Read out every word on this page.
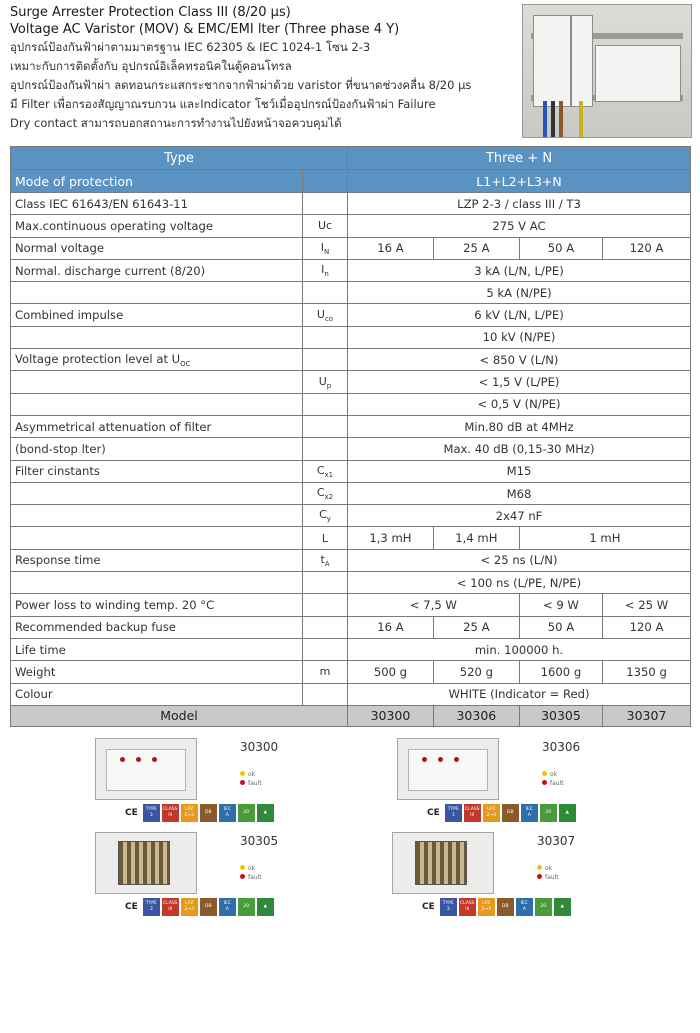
Surge Arrester Protection Class III (8/20 µs)
Voltage AC Varistor (MOV) & EMC/EMI lter (Three phase 4 Y)
อุปกรณ์ป้องกันฟ้าผ่าตามมาตรฐาน IEC 62305 & IEC 1024-1 โซน 2-3
เหมาะกับการติดตั้งกับ อุปกรณ์อิเล็คทรอนิคในตู้คอนโทรล
อุปกรณ์ป้องกันฟ้าผ่า ลดทอนกระแสกระชากจากฟ้าผ่าด้วย varistor ที่ขนาดช่วงคลื่น 8/20 µs
มี Filter เพื่อกรองสัญญาณรบกวน และIndicator โชว์เมื่ออุปกรณ์ป้องกันฟ้าผ่า Failure
Dry contact สามารถบอกสถานะการทำงานไปยังหน้าจอควบคุมได้
Type		Three + N			
Mode of protection		L1+L2+L3+N			
Class IEC 61643/EN 61643-11		LZP 2-3 / class III / T3			
Max.continuous operating voltage	Uc	275 V AC			
Normal voltage	$I_N$	16 A	25 A	50 A	120 A
Normal. discharge current (8/20)	$I_n$	3 kA (L/N, L/PE)			
		5 kA (N/PE)			
Combined impulse	$U_{co}$	6 kV (L/N, L/PE)			
		10 kV (N/PE)			
Voltage protection level at $U_{OC}$		< 850 V (L/N)			
	$U_p$	< 1,5 V (L/PE)			
		< 0,5 V (N/PE)			
Asymmetrical attenuation of filter		Min.80 dB at 4MHz			
(bond-stop lter)		Max. 40 dB (0,15-30 MHz)			
Filter cinstants	$C_{x1}$	M15			
	$C_{x2}$	M68			
	$C_y$	2x47 nF			
	L	1,3 mH	1,4 mH	1 mH	
Response time	$t_A$	< 25 ns (L/N)			
		< 100 ns (L/PE, N/PE)			
Power loss to winding temp. 20 °C		< 7,5 W		< 9 W	< 25 W
Recommended backup fuse		16 A	25 A	50 A	120 A
Life time		min. 100000 h.			
Weight	m	500 g	520 g	1600 g	1350 g
Colour		WHITE (Indicator = Red)			
Model		30300	30306	30305	30307
30300
ok
fault
CE	TYPE
3
CLASS
III
LPZ
2→3
DB
IEC
A
20	▲
30306
ok
fault
CE	TYPE
3
CLASS
III
LPZ
2→3
DB
IEC
A
20	▲
30305
ok
fault
CE	TYPE
3
CLASS
III
LPZ
2→3
DB
IEC
A
20	▲
30307
ok
fault
CE	TYPE
3
CLASS
III
LPZ
2→3
DB
IEC
A
20	▲
